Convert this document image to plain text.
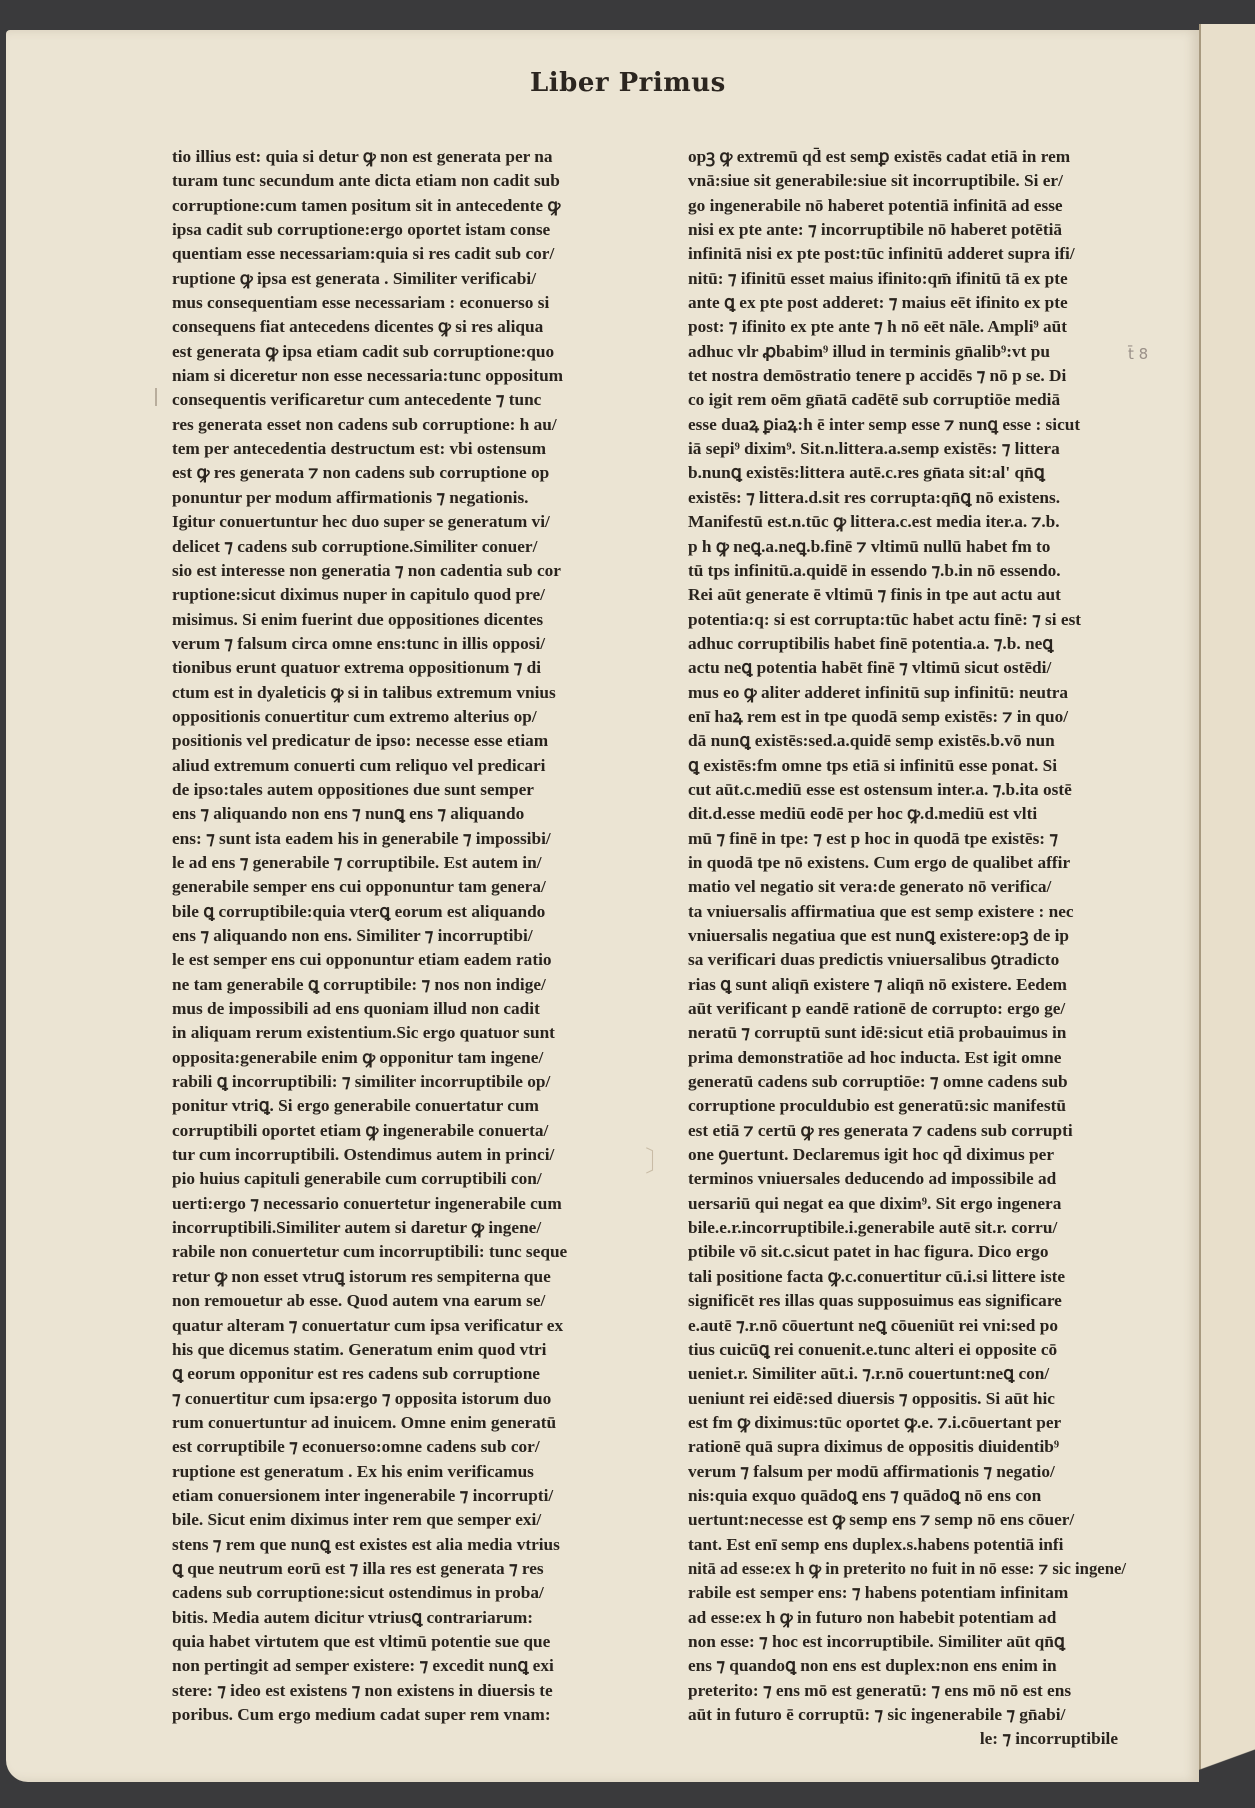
Liber Primus
tio illius est: quia si detur ꝙ non est generata per na
turam tunc secundum ante dicta etiam non cadit sub
corruptione:cum tamen positum sit in antecedente ꝙ
ipsa cadit sub corruptione:ergo oportet istam conse
quentiam esse necessariam:quia si res cadit sub cor/
ruptione ꝙ ipsa est generata . Similiter verificabi/
mus consequentiam esse necessariam : econuerso si
consequens fiat antecedens dicentes ꝙ si res aliqua
est generata ꝙ ipsa etiam cadit sub corruptione:quo
niam si diceretur non esse necessaria:tunc oppositum
consequentis verificaretur cum antecedente ⁊ tunc
res generata esset non cadens sub corruptione: h au/
tem per antecedentia destructum est: vbi ostensum
est ꝙ res generata ⁊ non cadens sub corruptione op
ponuntur per modum affirmationis ⁊ negationis.
Igitur conuertuntur hec duo super se generatum vi/
delicet ⁊ cadens sub corruptione.Similiter conuer/
sio est interesse non generatia ⁊ non cadentia sub cor
ruptione:sicut diximus nuper in capitulo quod pre/
misimus. Si enim fuerint due oppositiones dicentes
verum ⁊ falsum circa omne ens:tunc in illis opposi/
tionibus erunt quatuor extrema oppositionum ⁊ di
ctum est in dyaleticis ꝙ si in talibus extremum vnius
oppositionis conuertitur cum extremo alterius op/
positionis vel predicatur de ipso: necesse esse etiam
aliud extremum conuerti cum reliquo vel predicari
de ipso:tales autem oppositiones due sunt semper
ens ⁊ aliquando non ens ⁊ nunꝗ ens ⁊ aliquando
ens: ⁊ sunt ista eadem his in generabile ⁊ impossibi/
le ad ens ⁊ generabile ⁊ corruptibile. Est autem in/
generabile semper ens cui opponuntur tam genera/
bile ꝗ corruptibile:quia vterꝗ eorum est aliquando
ens ⁊ aliquando non ens. Similiter ⁊ incorruptibi/
le est semper ens cui opponuntur etiam eadem ratio
ne tam generabile ꝗ corruptibile: ⁊ nos non indige/
mus de impossibili ad ens quoniam illud non cadit
in aliquam rerum existentium.Sic ergo quatuor sunt
opposita:generabile enim ꝙ opponitur tam ingene/
rabili ꝗ incorruptibili: ⁊ similiter incorruptibile op/
ponitur vtriꝗ. Si ergo generabile conuertatur cum
corruptibili oportet etiam ꝙ ingenerabile conuerta/
tur cum incorruptibili. Ostendimus autem in princi/
pio huius capituli generabile cum corruptibili con/
uerti:ergo ⁊ necessario conuertetur ingenerabile cum
incorruptibili.Similiter autem si daretur ꝙ ingene/
rabile non conuertetur cum incorruptibili: tunc seque
retur ꝙ non esset vtruꝗ istorum res sempiterna que
non remouetur ab esse. Quod autem vna earum se/
quatur alteram ⁊ conuertatur cum ipsa verificatur ex
his que dicemus statim. Generatum enim quod vtri
ꝗ eorum opponitur est res cadens sub corruptione
⁊ conuertitur cum ipsa:ergo ⁊ opposita istorum duo
rum conuertuntur ad inuicem. Omne enim generatū
est corruptibile ⁊ econuerso:omne cadens sub cor/
ruptione est generatum . Ex his enim verificamus
etiam conuersionem inter ingenerabile ⁊ incorrupti/
bile. Sicut enim diximus inter rem que semper exi/
stens ⁊ rem que nunꝗ est existes est alia media vtrius
ꝗ que neutrum eorū est ⁊ illa res est generata ⁊ res
cadens sub corruptione:sicut ostendimus in proba/
bitis. Media autem dicitur vtriusꝗ contrariarum:
quia habet virtutem que est vltimū potentie sue que
non pertingit ad semper existere: ⁊ excedit nunꝗ exi
stere: ⁊ ideo est existens ⁊ non existens in diuersis te
poribus. Cum ergo medium cadat super rem vnam:
opꝫ ꝙ extremū qd̄ est semꝑ existēs cadat etiā in rem
vnā:siue sit generabile:siue sit incorruptibile. Si er/
go ingenerabile nō haberet potentiā infinitā ad esse
nisi ex pte ante: ⁊ incorruptibile nō haberet potētiā
infinitā nisi ex pte post:tūc infinitū adderet supra ifi/
nitū: ⁊ ifinitū esset maius ifinito:qm̄ ifinitū tā ex pte
ante ꝗ ex pte post adderet: ⁊ maius eēt ifinito ex pte
post: ⁊ ifinito ex pte ante ⁊ h nō eēt nāle. Ampli⁹ aūt
adhuc vlr ꝓbabim⁹ illud in terminis gn̄alib⁹:vt pu
tet nostra demōstratio tenere p accidēs ⁊ nō p se. Di
co igit rem oēm gn̄atā cadētē sub corruptiōe mediā
esse duaꝝ ꝑiaꝝ:h ē inter semp esse ⁊ nunꝗ esse : sicut
iā sepi⁹ dixim⁹. Sit.n.littera.a.semp existēs: ⁊ littera
b.nunꝗ existēs:littera autē.c.res gn̄ata sit:al' qn̄ꝗ
existēs: ⁊ littera.d.sit res corrupta:qn̄ꝗ nō existens.
Manifestū est.n.tūc ꝙ littera.c.est media iter.a. ⁊.b.
p h ꝙ neꝗ.a.neꝗ.b.finē ⁊ vltimū nullū habet fm to
tū tps infinitū.a.quidē in essendo ⁊.b.in nō essendo.
Rei aūt generate ē vltimū ⁊ finis in tpe aut actu aut
potentia:q: si est corrupta:tūc habet actu finē: ⁊ si est
adhuc corruptibilis habet finē potentia.a. ⁊.b. neꝗ
actu neꝗ potentia habēt finē ⁊ vltimū sicut ostēdi/
mus eo ꝙ aliter adderet infinitū sup infinitū: neutra
enī haꝝ rem est in tpe quodā semp existēs: ⁊ in quo/
dā nunꝗ existēs:sed.a.quidē semp existēs.b.vō nun
ꝗ existēs:fm omne tps etiā si infinitū esse ponat. Si
cut aūt.c.mediū esse est ostensum inter.a. ⁊.b.ita ostē
dit.d.esse mediū eodē per hoc ꝙ.d.mediū est vlti
mū ⁊ finē in tpe: ⁊ est p hoc in quodā tpe existēs: ⁊
in quodā tpe nō existens. Cum ergo de qualibet affir
matio vel negatio sit vera:de generato nō verifica/
ta vniuersalis affirmatiua que est semp existere : nec
vniuersalis negatiua que est nunꝗ existere:opꝫ de ip
sa verificari duas predictis vniuersalibus ꝯtradicto
rias ꝗ sunt aliqn̄ existere ⁊ aliqn̄ nō existere. Eedem
aūt verificant p eandē rationē de corrupto: ergo ge/
neratū ⁊ corruptū sunt idē:sicut etiā probauimus in
prima demonstratiōe ad hoc inducta. Est igit omne
generatū cadens sub corruptiōe: ⁊ omne cadens sub
corruptione proculdubio est generatū:sic manifestū
est etiā ⁊ certū ꝙ res generata ⁊ cadens sub corrupti
one ꝯuertunt. Declaremus igit hoc qd̄ diximus per
terminos vniuersales deducendo ad impossibile ad
uersariū qui negat ea que dixim⁹. Sit ergo ingenera
bile.e.r.incorruptibile.i.generabile autē sit.r. corru/
ptibile vō sit.c.sicut patet in hac figura. Dico ergo
tali positione facta ꝙ.c.conuertitur cū.i.si littere iste
significēt res illas quas supposuimus eas significare
e.autē ⁊.r.nō cōuertunt neꝗ cōueniūt rei vni:sed po
tius cuicūꝗ rei conuenit.e.tunc alteri ei opposite cō
ueniet.r. Similiter aūt.i. ⁊.r.nō couertunt:neꝗ con/
ueniunt rei eidē:sed diuersis ⁊ oppositis. Si aūt hic
est fm ꝙ diximus:tūc oportet ꝙ.e. ⁊.i.cōuertant per
rationē quā supra diximus de oppositis diuidentib⁹
verum ⁊ falsum per modū affirmationis ⁊ negatio/
nis:quia exquo quādoꝗ ens ⁊ quādoꝗ nō ens con
uertunt:necesse est ꝙ semp ens ⁊ semp nō ens cōuer/
tant. Est enī semp ens duplex.s.habens potentiā infi
nitā ad esse:ex h ꝙ in preterito no fuit in nō esse: ⁊ sic ingene/
rabile est semper ens: ⁊ habens potentiam infinitam
ad esse:ex h ꝙ in futuro non habebit potentiam ad
non esse: ⁊ hoc est incorruptibile. Similiter aūt qn̄ꝗ
ens ⁊ quandoꝗ non ens est duplex:non ens enim in
preterito: ⁊ ens mō est generatū: ⁊ ens mō nō est ens
aūt in futuro ē corruptū: ⁊ sic ingenerabile ⁊ gn̄abi/
le: ⁊ incorruptibile
t̄ 8
〕
